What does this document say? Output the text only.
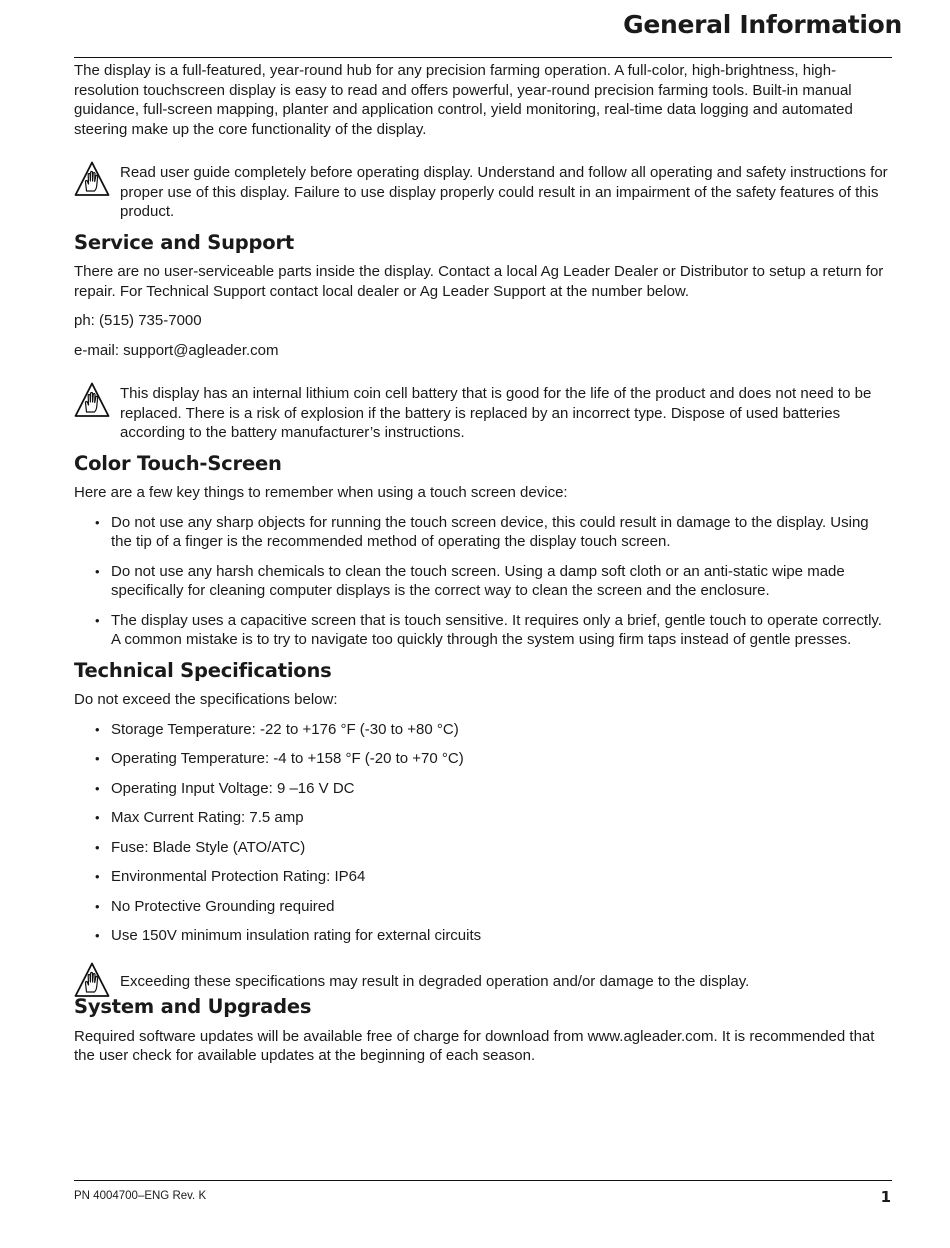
General Information

The display is a full-featured, year-round hub for any precision farming operation. A full-color, high-brightness, high-resolution touchscreen display is easy to read and offers powerful, year-round precision farming tools. Built-in manual guidance, full-screen mapping, planter and application control, yield monitoring, real-time data logging and automated steering make up the core functionality of the display.

Read user guide completely before operating display. Understand and follow all operating and safety instructions for proper use of this display. Failure to use display properly could result in an impairment of the safety features of this product.

Service and Support

There are no user-serviceable parts inside the display. Contact a local Ag Leader Dealer or Distributor to setup a return for repair. For Technical Support contact local dealer or Ag Leader Support at the number below.

ph: (515) 735-7000

e-mail: support@agleader.com

This display has an internal lithium coin cell battery that is good for the life of the product and does not need to be replaced. There is a risk of explosion if the battery is replaced by an incorrect type. Dispose of used batteries according to the battery manufacturer’s instructions.

Color Touch-Screen

Here are a few key things to remember when using a touch screen device:

• Do not use any sharp objects for running the touch screen device, this could result in damage to the display. Using the tip of a finger is the recommended method of operating the display touch screen.
• Do not use any harsh chemicals to clean the touch screen. Using a damp soft cloth or an anti-static wipe made specifically for cleaning computer displays is the correct way to clean the screen and the enclosure.
• The display uses a capacitive screen that is touch sensitive. It requires only a brief, gentle touch to operate correctly. A common mistake is to try to navigate too quickly through the system using firm taps instead of gentle presses.
Technical Specifications

Do not exceed the specifications below:

• Storage Temperature: -22 to +176 °F (-30 to +80 °C)
• Operating Temperature: -4 to +158 °F (-20 to +70 °C)
• Operating Input Voltage: 9 –16 V DC
• Max Current Rating: 7.5 amp
• Fuse: Blade Style (ATO/ATC)
• Environmental Protection Rating: IP64
• No Protective Grounding required
• Use 150V minimum insulation rating for external circuits

Exceeding these specifications may result in degraded operation and/or damage to the display.

System and Upgrades

Required software updates will be available free of charge for download from www.agleader.com. It is recommended that the user check for available updates at the beginning of each season.

PN 4004700–ENG Rev. K	1
